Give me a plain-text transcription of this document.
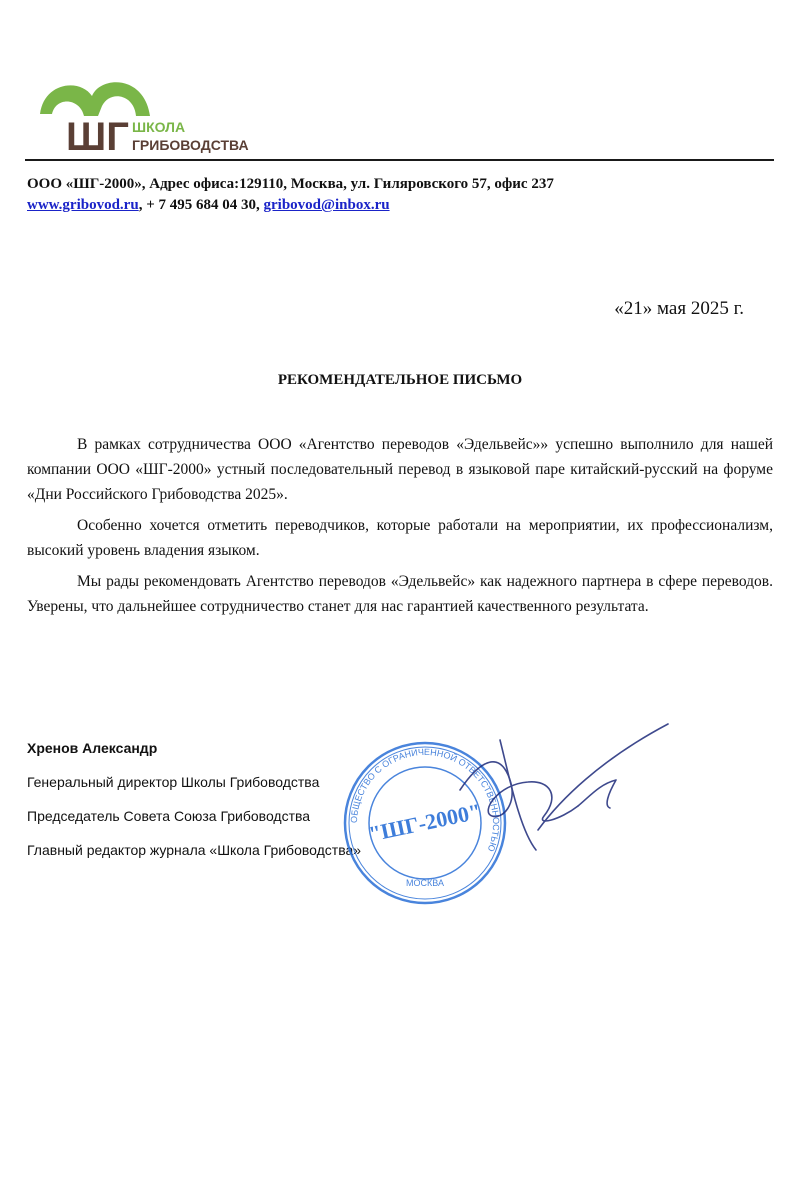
ШГ ШКОЛА
ГРИБОВОДСТВА
ООО «ШГ-2000», Адрес офиса:129110, Москва, ул. Гиляровского 57, офис 237
www.gribovod.ru, + 7 495 684 04 30, gribovod@inbox.ru
«21» мая 2025 г.
РЕКОМЕНДАТЕЛЬНОЕ ПИСЬМО

В рамках сотрудничества ООО «Агентство переводов «Эдельвейс»» успешно выполнило для нашей компании ООО «ШГ-2000» устный последовательный перевод в языковой паре китайский-русский на форуме «Дни Российского Грибоводства 2025».

Особенно хочется отметить переводчиков, которые работали на мероприятии, их профессионализм, высокий уровень владения языком.

Мы рады рекомендовать Агентство переводов «Эдельвейс» как надежного партнера в сфере переводов. Уверены, что дальнейшее сотрудничество станет для нас гарантией качественного результата.

Хренов Александр
Генеральный директор Школы Грибоводства
Председатель Совета Союза Грибоводства
Главный редактор журнала «Школа Грибоводства»
ОБЩЕСТВО С ОГРАНИЧЕННОЙ ОТВЕТСТВЕННОСТЬЮ
"ШГ-2000"
МОСКВА
